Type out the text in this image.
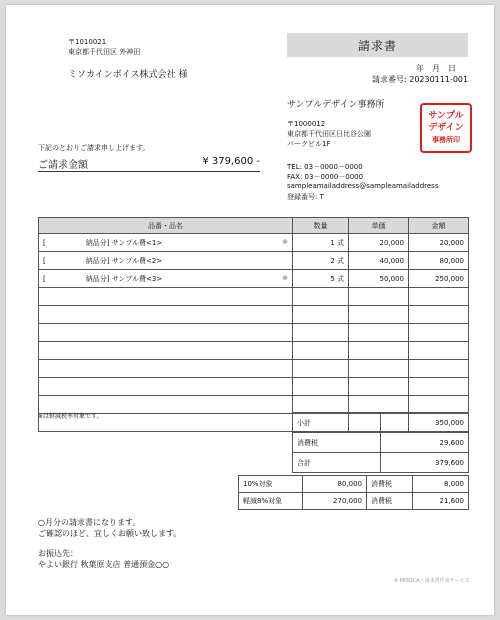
〒1010021
東京都千代田区 外神田
ミソカインボイス株式会社 様
請求書
年　月　日
請求番号: 20230111-001
サンプルデザイン事務所
〒1000012
東京都千代田区日比谷公園
パークビル1F
TEL: 03－0000－0000
FAX: 03－0000－0000
sampleamailaddress@sampleamailaddress
登録番号: T
サンプル
デザイン
事務所印
下記のとおりご請求申し上げます。
ご請求金額	¥ 379,600 -
品番・品名	数量	単価	金額

[ 納品分] サンプル費<1> ※	1 式	20,000	20,000

[ 納品分] サンプル費<2>	2 式	40,000	80,000

[ 納品分] サンプル費<3> ※	5 式	50,000	250,000

※は軽減税率対象です。
小計	350,000
消費税	29,600
合計	379,600
10%対象	80,000	消費税	8,000
軽減8%対象	270,000	消費税	21,600
○月分の請求書になります。
ご確認のほど、宜しくお願い致します。
お振込先：
やよい銀行 秋葉原支店 普通預金○○
※ MISOCA・請求書作成サービス
